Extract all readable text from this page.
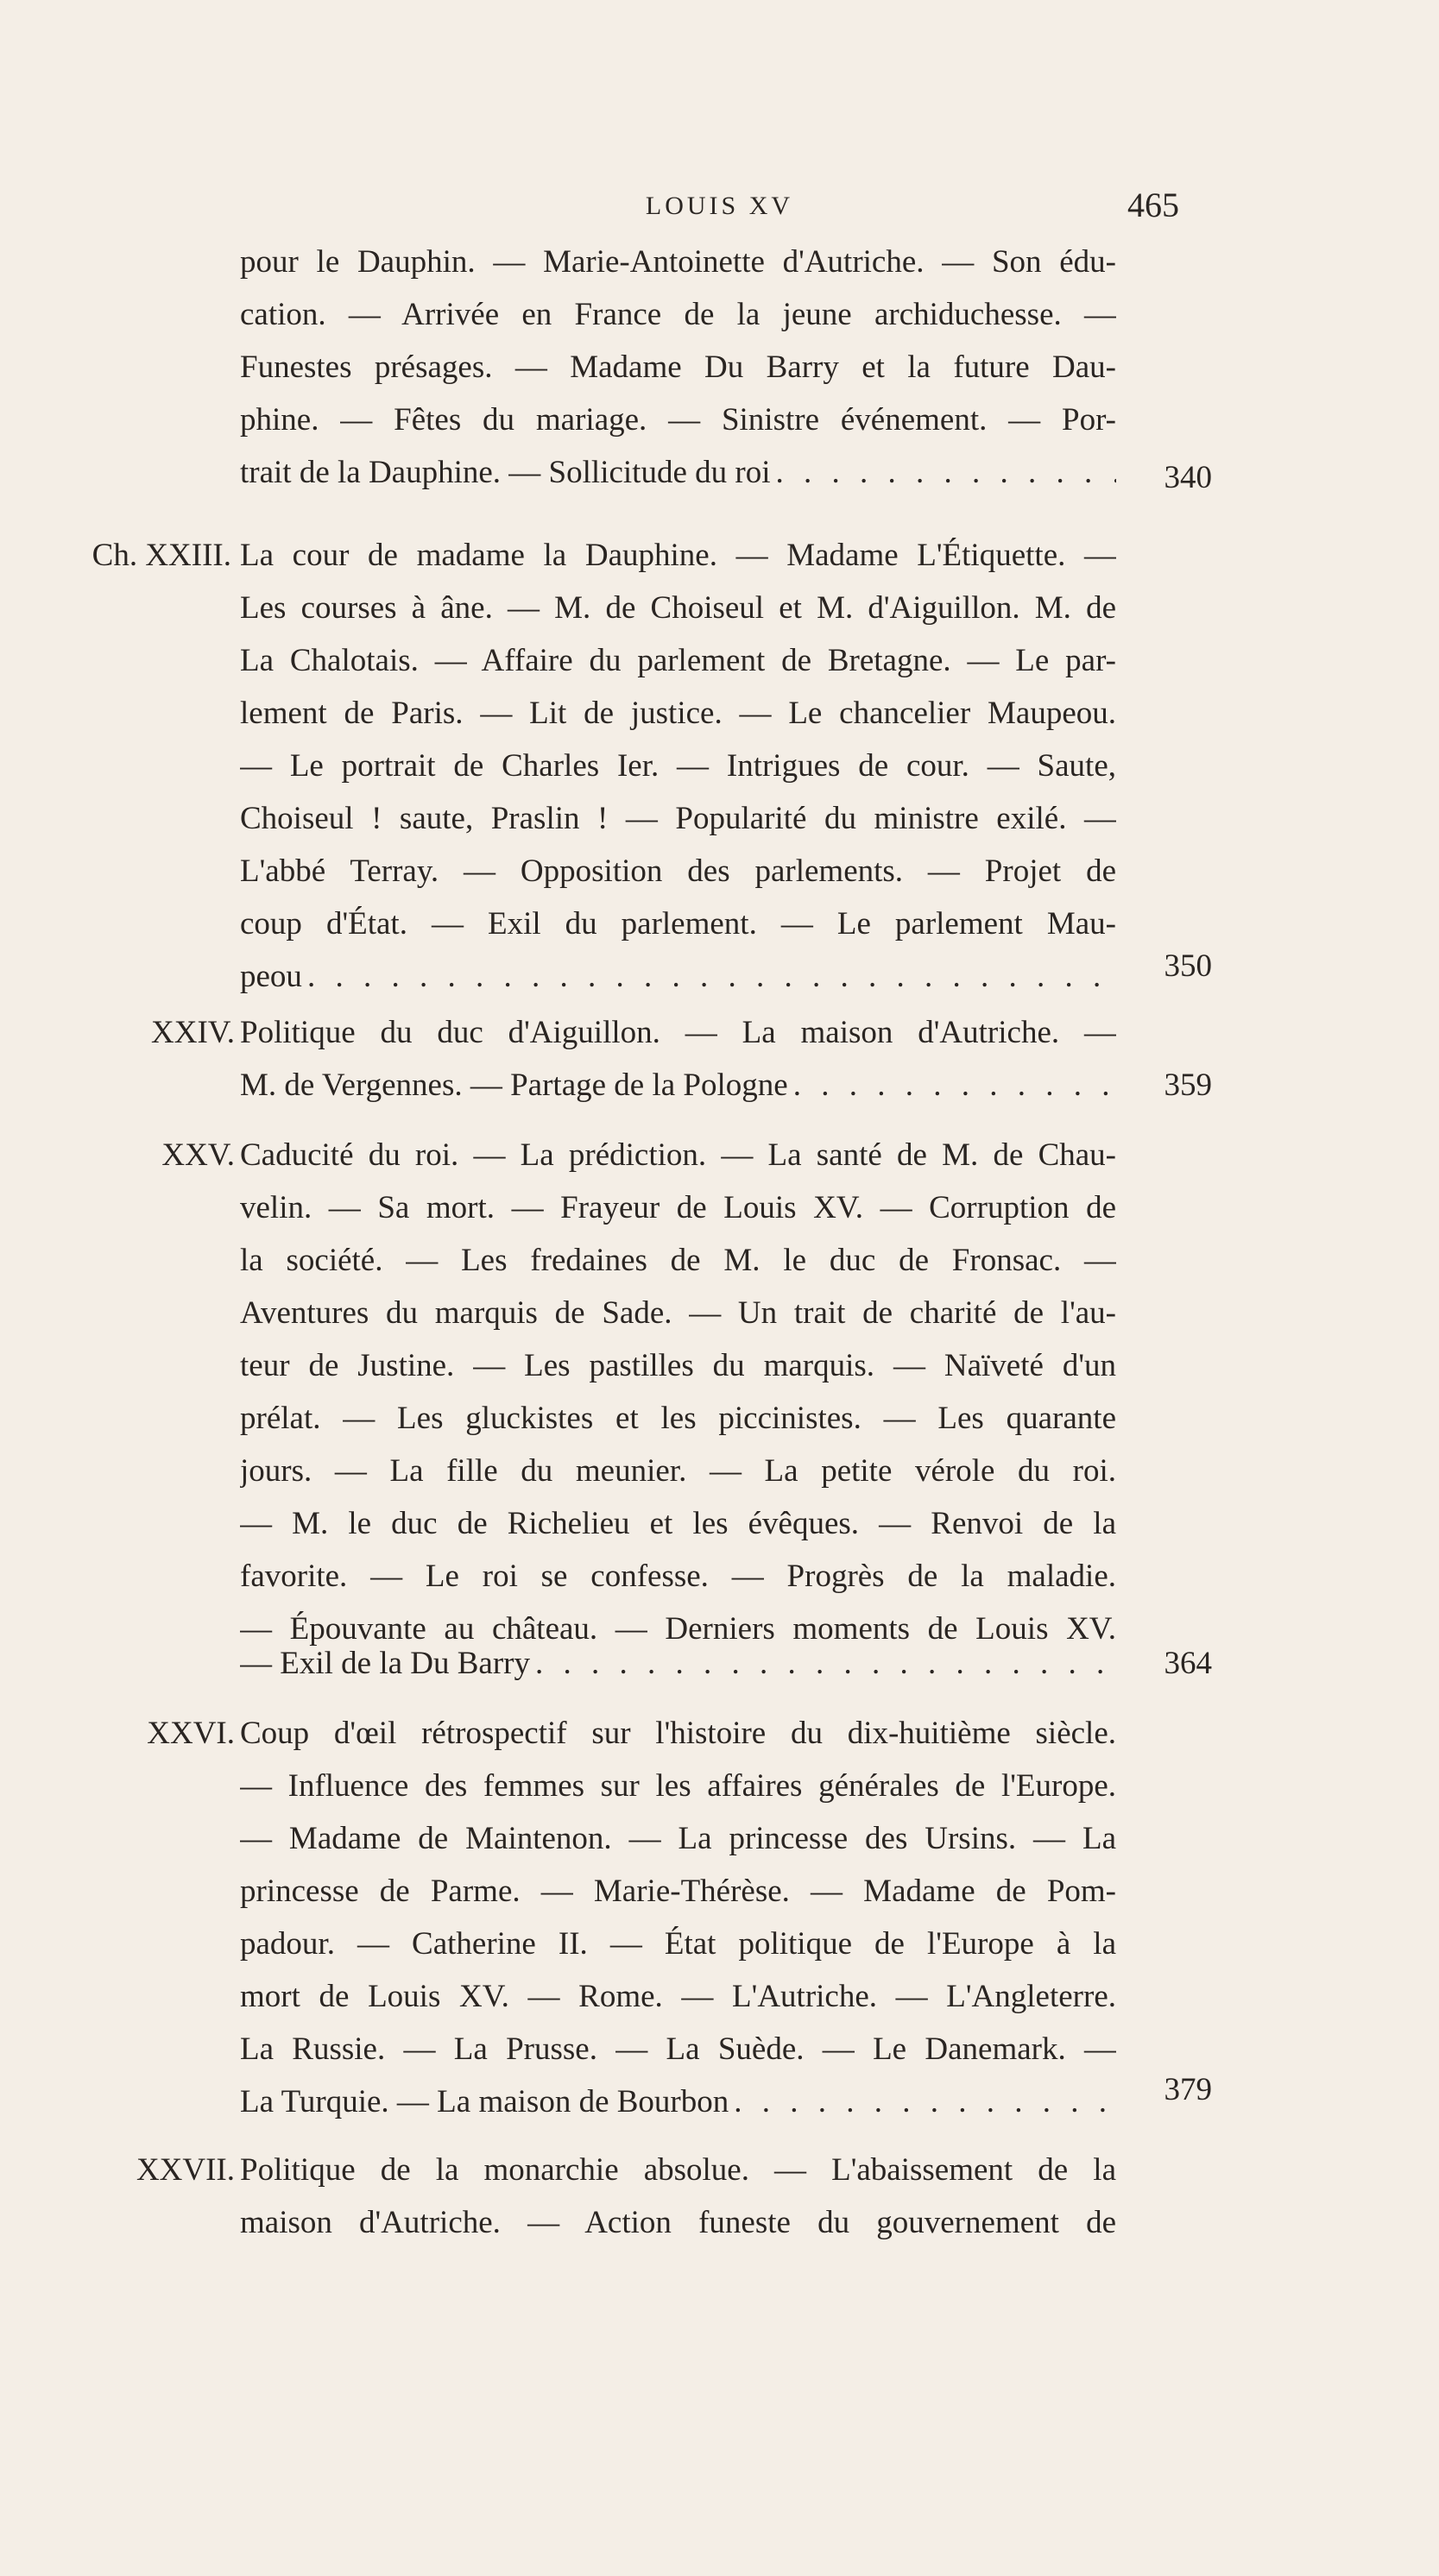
LOUIS XV	465
pour le Dauphin. — Marie-Antoinette d'Autriche. — Son édu-
cation. — Arrivée en France de la jeune archiduchesse. —
Funestes présages. — Madame Du Barry et la future Dau-
phine. — Fêtes du mariage. — Sinistre événement. — Por-
trait de la Dauphine. — Sollicitude du roi . . .	340
Ch. XXIII. La cour de madame la Dauphine. — Madame L'Étiquette. —
Les courses à âne. — M. de Choiseul et M. d'Aiguillon. M. de
La Chalotais. — Affaire du parlement de Bretagne. — Le par-
lement de Paris. — Lit de justice. — Le chancelier Maupeou.
— Le portrait de Charles Ier. — Intrigues de cour. — Saute,
Choiseul ! saute, Praslin ! — Popularité du ministre exilé. —
L'abbé Terray. — Opposition des parlements. — Projet de
coup d'État. — Exil du parlement. — Le parlement Mau-
peou . . .	350
XXIV. Politique du duc d'Aiguillon. — La maison d'Autriche. —
M. de Vergennes. — Partage de la Pologne . . .	359
XXV. Caducité du roi. — La prédiction. — La santé de M. de Chau-
velin. — Sa mort. — Frayeur de Louis XV. — Corruption de
la société. — Les fredaines de M. le duc de Fronsac. —
Aventures du marquis de Sade. — Un trait de charité de l'au-
teur de Justine. — Les pastilles du marquis. — Naïveté d'un
prélat. — Les gluckistes et les piccinistes. — Les quarante
jours. — La fille du meunier. — La petite vérole du roi.
— M. le duc de Richelieu et les évêques. — Renvoi de la
favorite. — Le roi se confesse. — Progrès de la maladie.
— Épouvante au château. — Derniers moments de Louis XV.
— Exil de la Du Barry . . .	364
XXVI. Coup d'œil rétrospectif sur l'histoire du dix-huitième siècle.
— Influence des femmes sur les affaires générales de l'Europe.
— Madame de Maintenon. — La princesse des Ursins. — La
princesse de Parme. — Marie-Thérèse. — Madame de Pom-
padour. — Catherine II. — État politique de l'Europe à la
mort de Louis XV. — Rome. — L'Autriche. — L'Angleterre.
La Russie. — La Prusse. — La Suède. — Le Danemark. —
La Turquie. — La maison de Bourbon . . .	379
XXVII. Politique de la monarchie absolue. — L'abaissement de la
maison d'Autriche. — Action funeste du gouvernement de
